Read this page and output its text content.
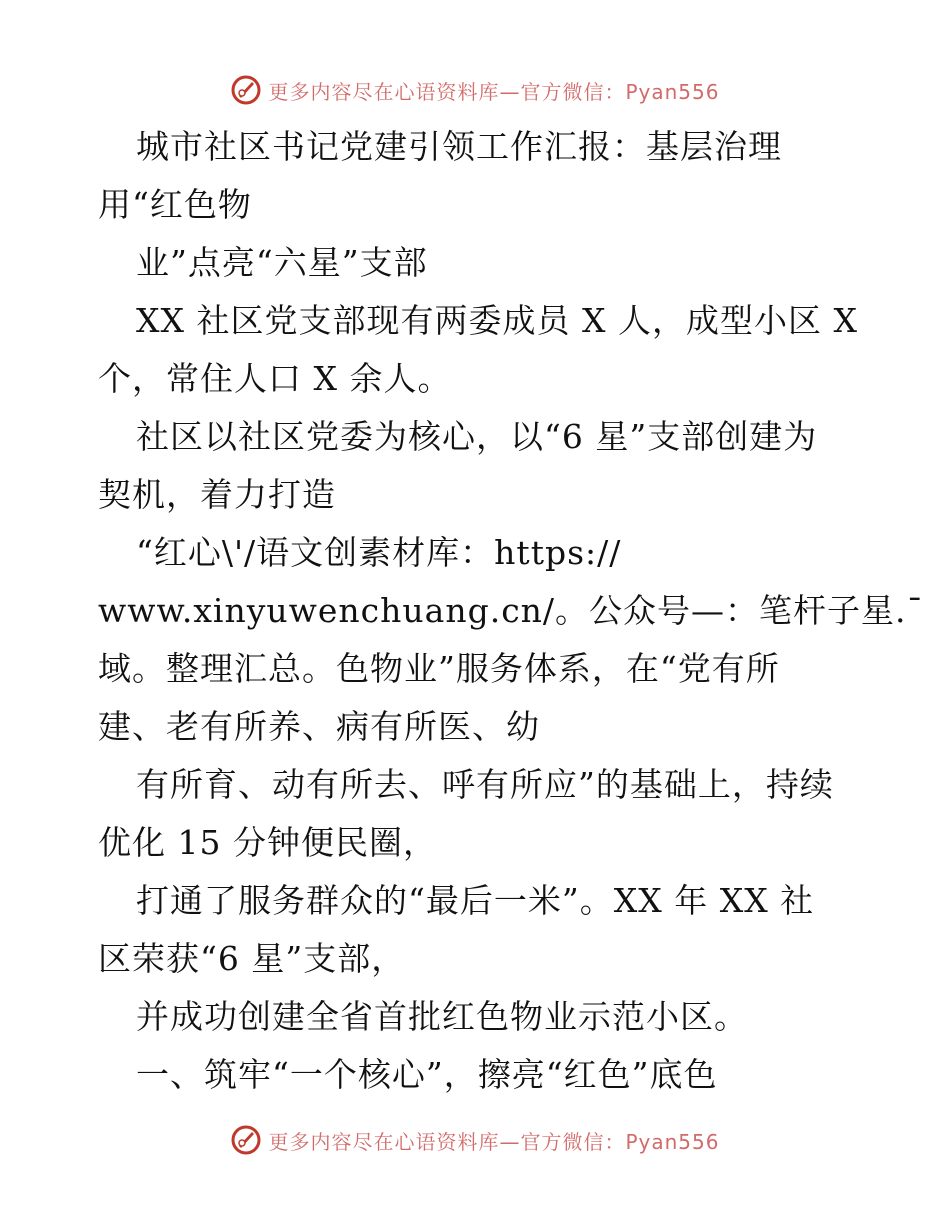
更多内容尽在心语资料库—官方微信：Pyan556
城市社区书记党建引领工作汇报：基层治理
用“红色物
业”点亮“六星”支部
XX 社区党支部现有两委成员 X 人，成型小区 X
个，常住人口 X 余人。
社区以社区党委为核心，以“6 星”支部创建为
契机，着力打造
“红心\'/语文创素材库：https://
www.xinyuwenchuang.cn/。公众号—：笔杆子星.¯
域。整理汇总。色物业”服务体系，在“党有所
建、老有所养、病有所医、幼
有所育、动有所去、呼有所应”的基础上，持续
优化 15 分钟便民圈，
打通了服务群众的“最后一米”。XX 年 XX 社
区荣获“6 星”支部，
并成功创建全省首批红色物业示范小区。
一、筑牢“一个核心”，擦亮“红色”底色
更多内容尽在心语资料库—官方微信：Pyan556
